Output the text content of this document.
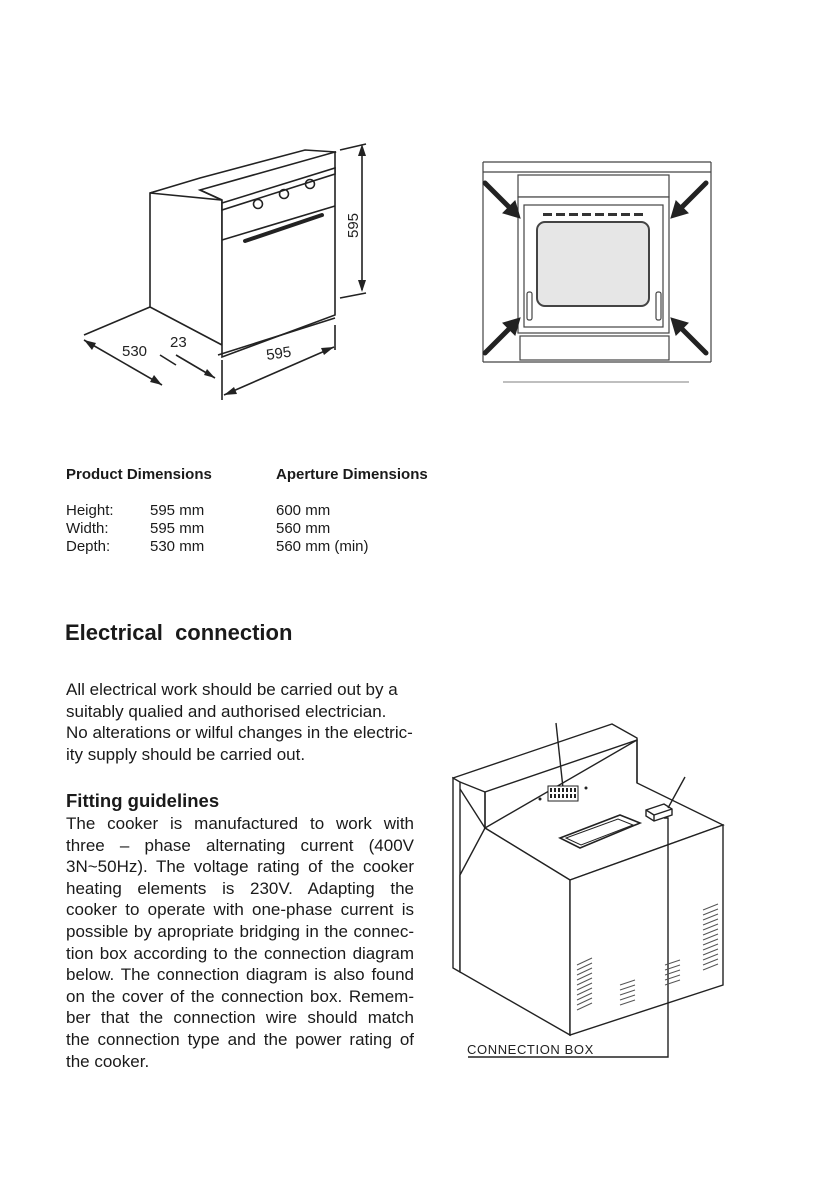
595
530
23
595
Product Dimensions	Aperture Dimensions
Height: 595 mm	600 mm
Width:	595 mm	560 mm
Depth:	530 mm	560 mm (min)
Electrical  connection
All electrical work should be carried out by a
suitably qualied and authorised electrician.
No alterations or wilful changes in the electric-
ity supply should be carried out.
Fitting guidelines
The cooker is manufactured to work with
three – phase alternating current (400V
3N~50Hz). The voltage rating of the cooker
heating elements is 230V. Adapting the
cooker to operate with one-phase current is
possible by apropriate bridging in the connec-
tion box according to the connection diagram
below. The connection diagram is also found
on the cover of the connection box. Remem-
ber that the connection wire should match
the connection type and the power rating of
the cooker.
CONNECTION BOX
